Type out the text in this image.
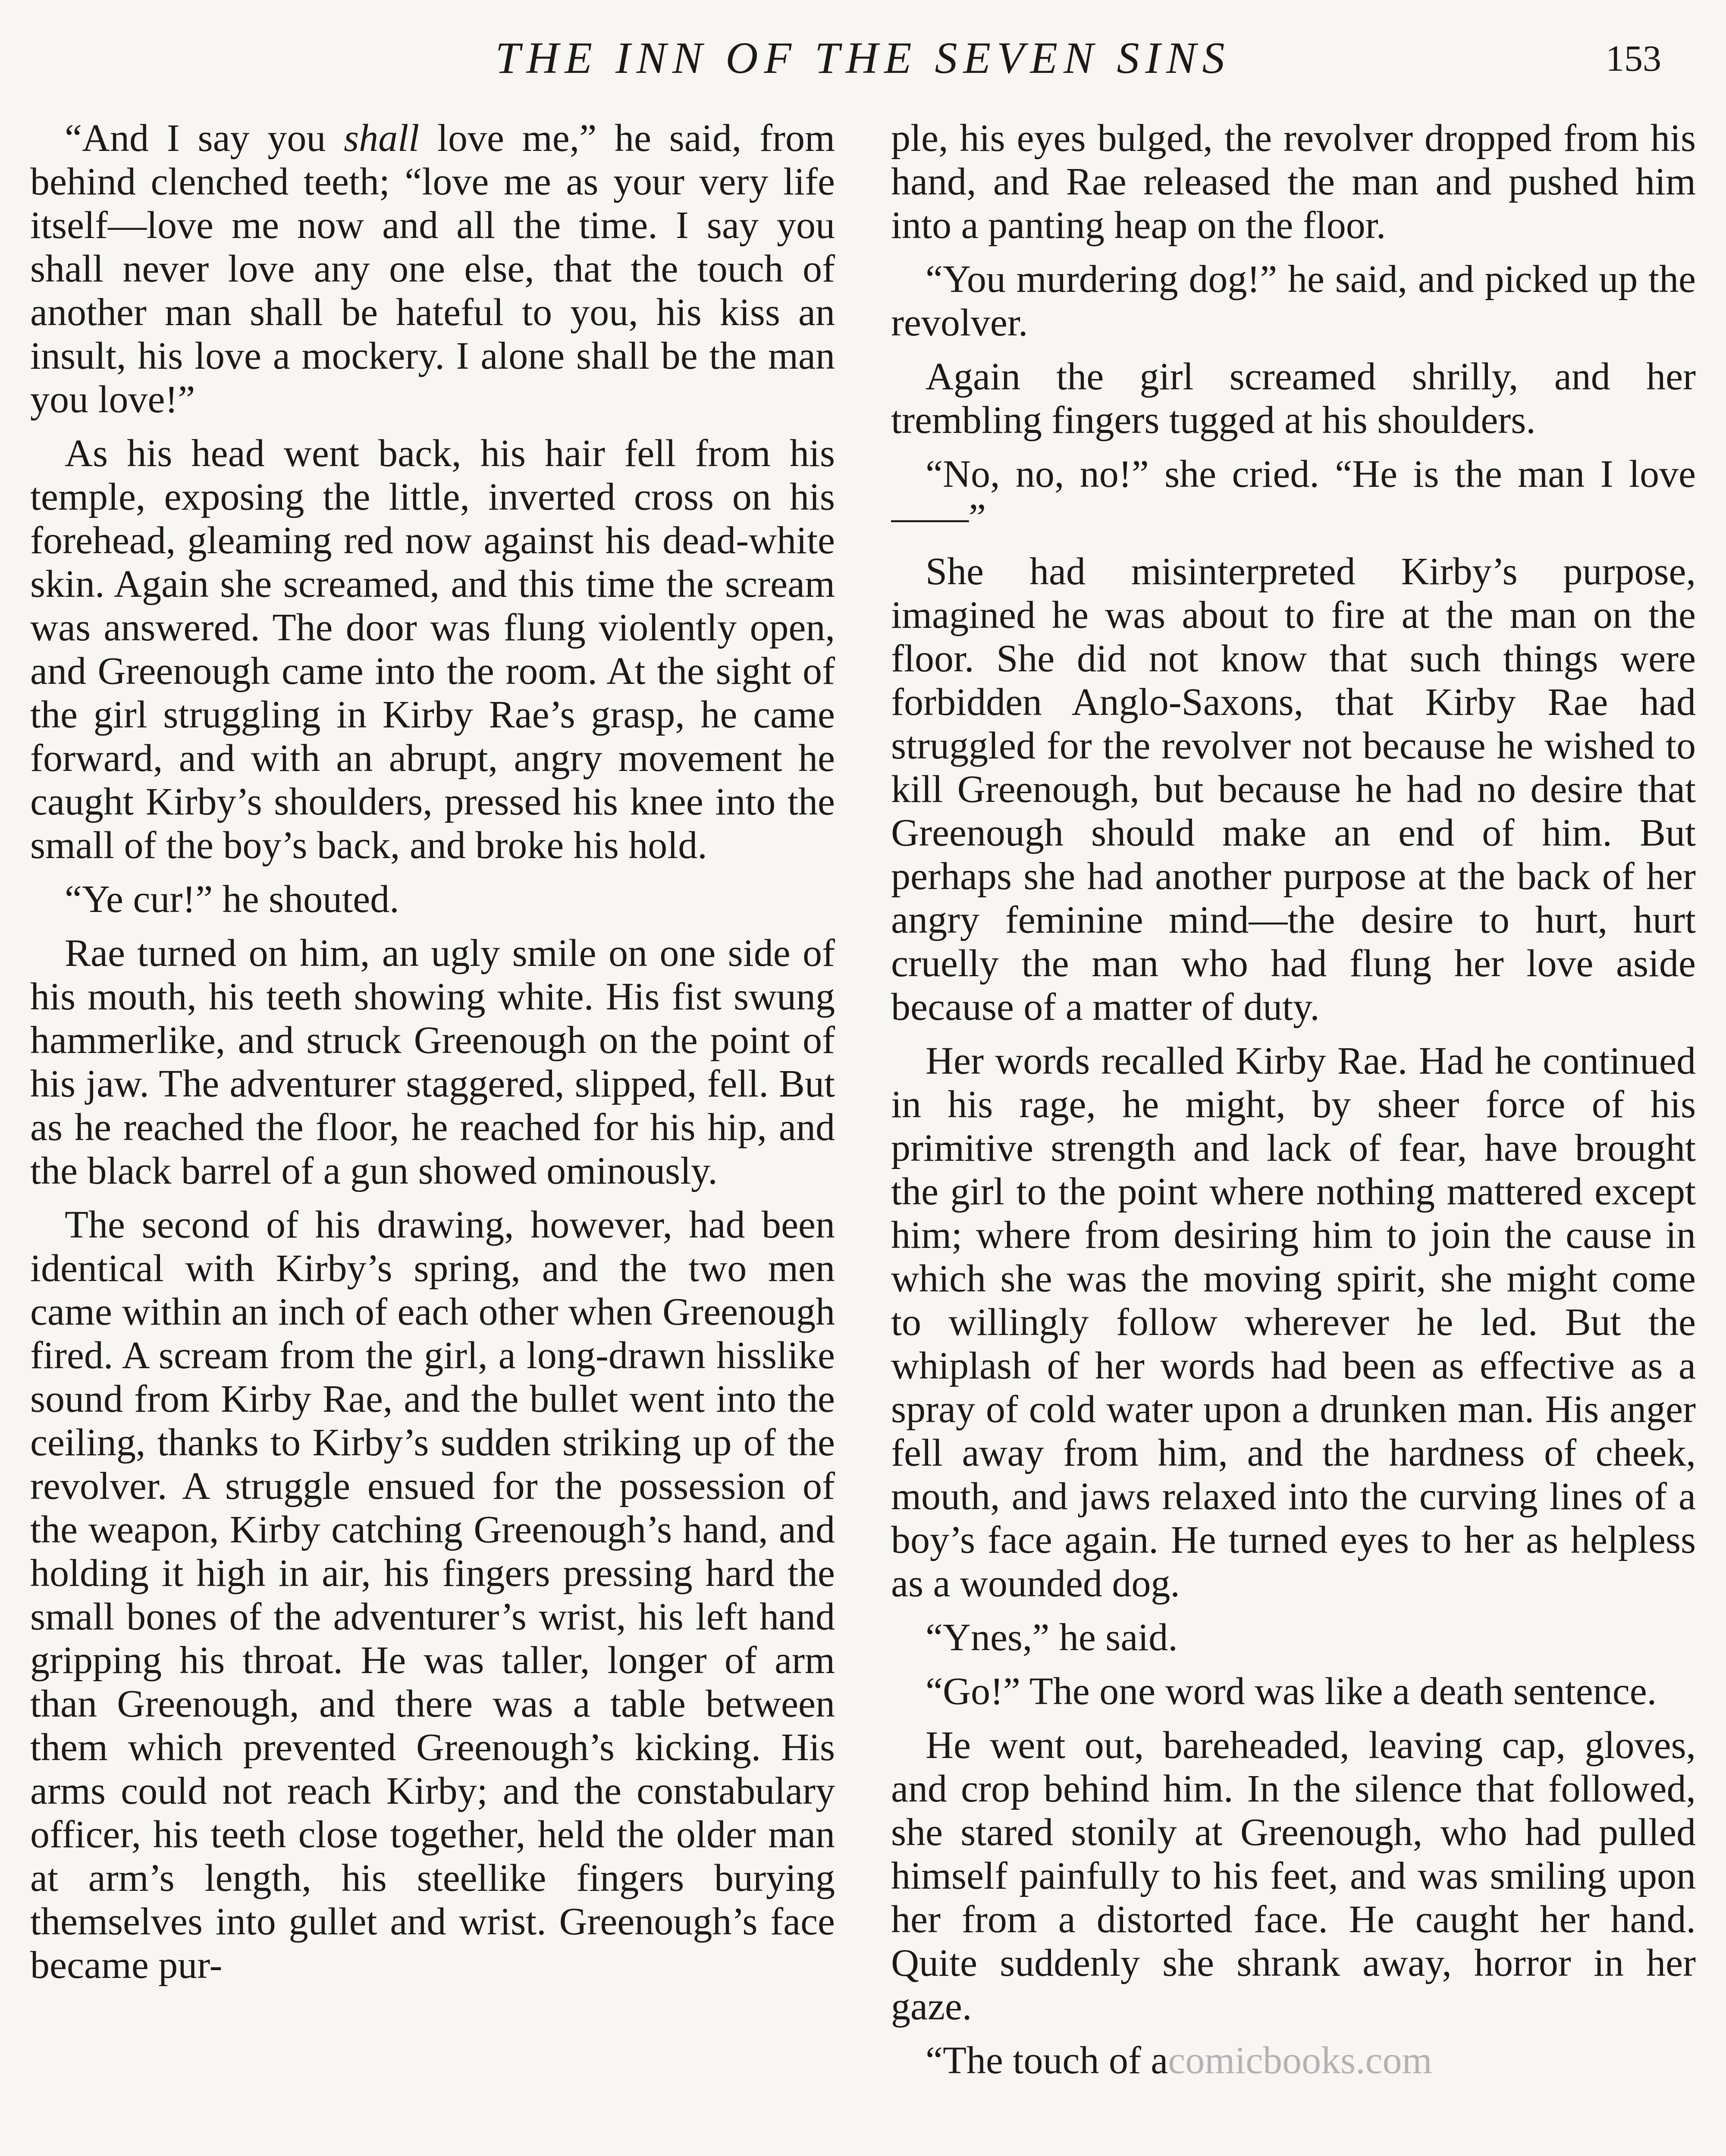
THE INN OF THE SEVEN SINS	153

“And I say you shall love me,” he said, from behind clenched teeth; “love me as your very life itself—love me now and all the time. I say you shall never love any one else, that the touch of another man shall be hateful to you, his kiss an insult, his love a mockery. I alone shall be the man you love!”

As his head went back, his hair fell from his temple, exposing the little, inverted cross on his forehead, gleaming red now against his dead-white skin. Again she screamed, and this time the scream was answered. The door was flung violently open, and Greenough came into the room. At the sight of the girl struggling in Kirby Rae’s grasp, he came forward, and with an abrupt, angry movement he caught Kirby’s shoulders, pressed his knee into the small of the boy’s back, and broke his hold.

“Ye cur!” he shouted.

Rae turned on him, an ugly smile on one side of his mouth, his teeth showing white. His fist swung hammerlike, and struck Greenough on the point of his jaw. The adventurer staggered, slipped, fell. But as he reached the floor, he reached for his hip, and the black barrel of a gun showed ominously.

The second of his drawing, however, had been identical with Kirby’s spring, and the two men came within an inch of each other when Greenough fired. A scream from the girl, a long-drawn hisslike sound from Kirby Rae, and the bullet went into the ceiling, thanks to Kirby’s sudden striking up of the revolver. A struggle ensued for the possession of the weapon, Kirby catching Greenough’s hand, and holding it high in air, his fingers pressing hard the small bones of the adventurer’s wrist, his left hand gripping his throat. He was taller, longer of arm than Greenough, and there was a table between them which prevented Greenough’s kicking. His arms could not reach Kirby; and the constabulary officer, his teeth close together, held the older man at arm’s length, his steellike fingers burying themselves into gullet and wrist. Greenough’s face became pur-

ple, his eyes bulged, the revolver dropped from his hand, and Rae released the man and pushed him into a panting heap on the floor.

“You murdering dog!” he said, and picked up the revolver.

Again the girl screamed shrilly, and her trembling fingers tugged at his shoulders.

“No, no, no!” she cried. “He is the man I love——”

She had misinterpreted Kirby’s purpose, imagined he was about to fire at the man on the floor. She did not know that such things were forbidden Anglo-Saxons, that Kirby Rae had struggled for the revolver not because he wished to kill Greenough, but because he had no desire that Greenough should make an end of him. But perhaps she had another purpose at the back of her angry feminine mind—the desire to hurt, hurt cruelly the man who had flung her love aside because of a matter of duty.

Her words recalled Kirby Rae. Had he continued in his rage, he might, by sheer force of his primitive strength and lack of fear, have brought the girl to the point where nothing mattered except him; where from desiring him to join the cause in which she was the moving spirit, she might come to willingly follow wherever he led. But the whiplash of her words had been as effective as a spray of cold water upon a drunken man. His anger fell away from him, and the hardness of cheek, mouth, and jaws relaxed into the curving lines of a boy’s face again. He turned eyes to her as helpless as a wounded dog.

“Ynes,” he said.

“Go!” The one word was like a death sentence.

He went out, bareheaded, leaving cap, gloves, and crop behind him. In the silence that followed, she stared stonily at Greenough, who had pulled himself painfully to his feet, and was smiling upon her from a distorted face. He caught her hand. Quite suddenly she shrank away, horror in her gaze.

“The touch of acomicbooks.com
